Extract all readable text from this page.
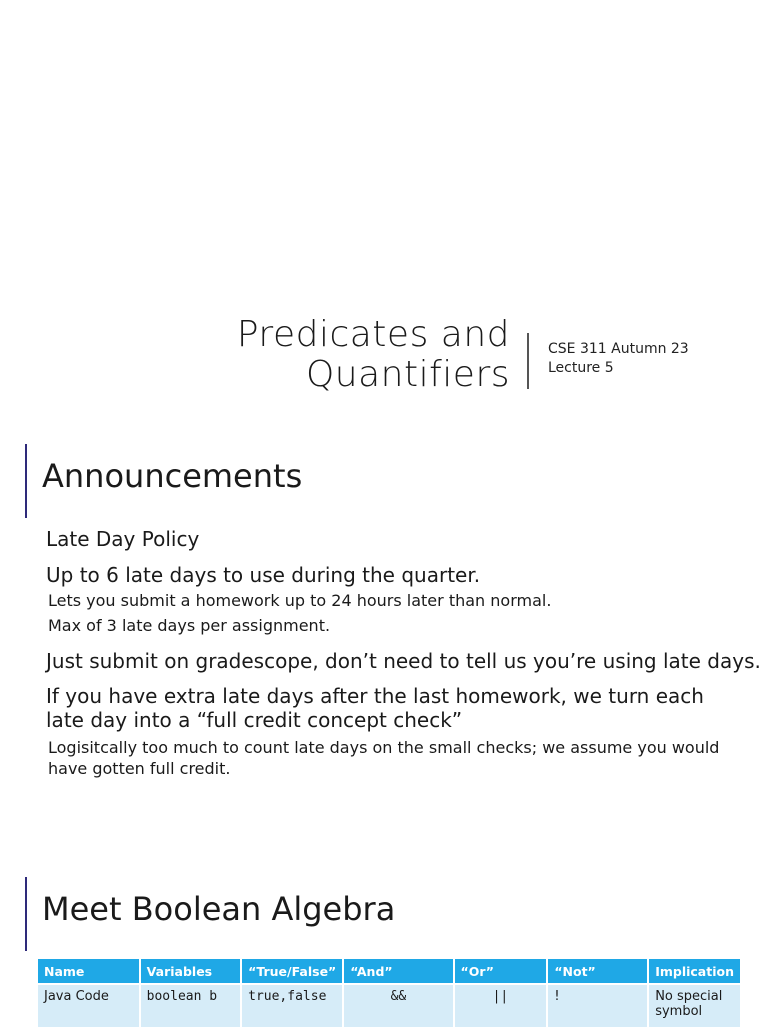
Predicates and
Quantifiers
CSE 311 Autumn 23
Lecture 5
Announcements
Late Day Policy
Up to 6 late days to use during the quarter.
Lets you submit a homework up to 24 hours later than normal.
Max of 3 late days per assignment.
Just submit on gradescope, don’t need to tell us you’re using late days.
If you have extra late days after the last homework, we turn each late day into a “full credit concept check”
Logisitcally too much to count late days on the small checks; we assume you would have gotten full credit.
Meet Boolean Algebra
Name	Variables	“True/False”	“And”	“Or”	“Not”	Implication
Java Code	boolean b	true,false	&&	||	!	No special symbol
